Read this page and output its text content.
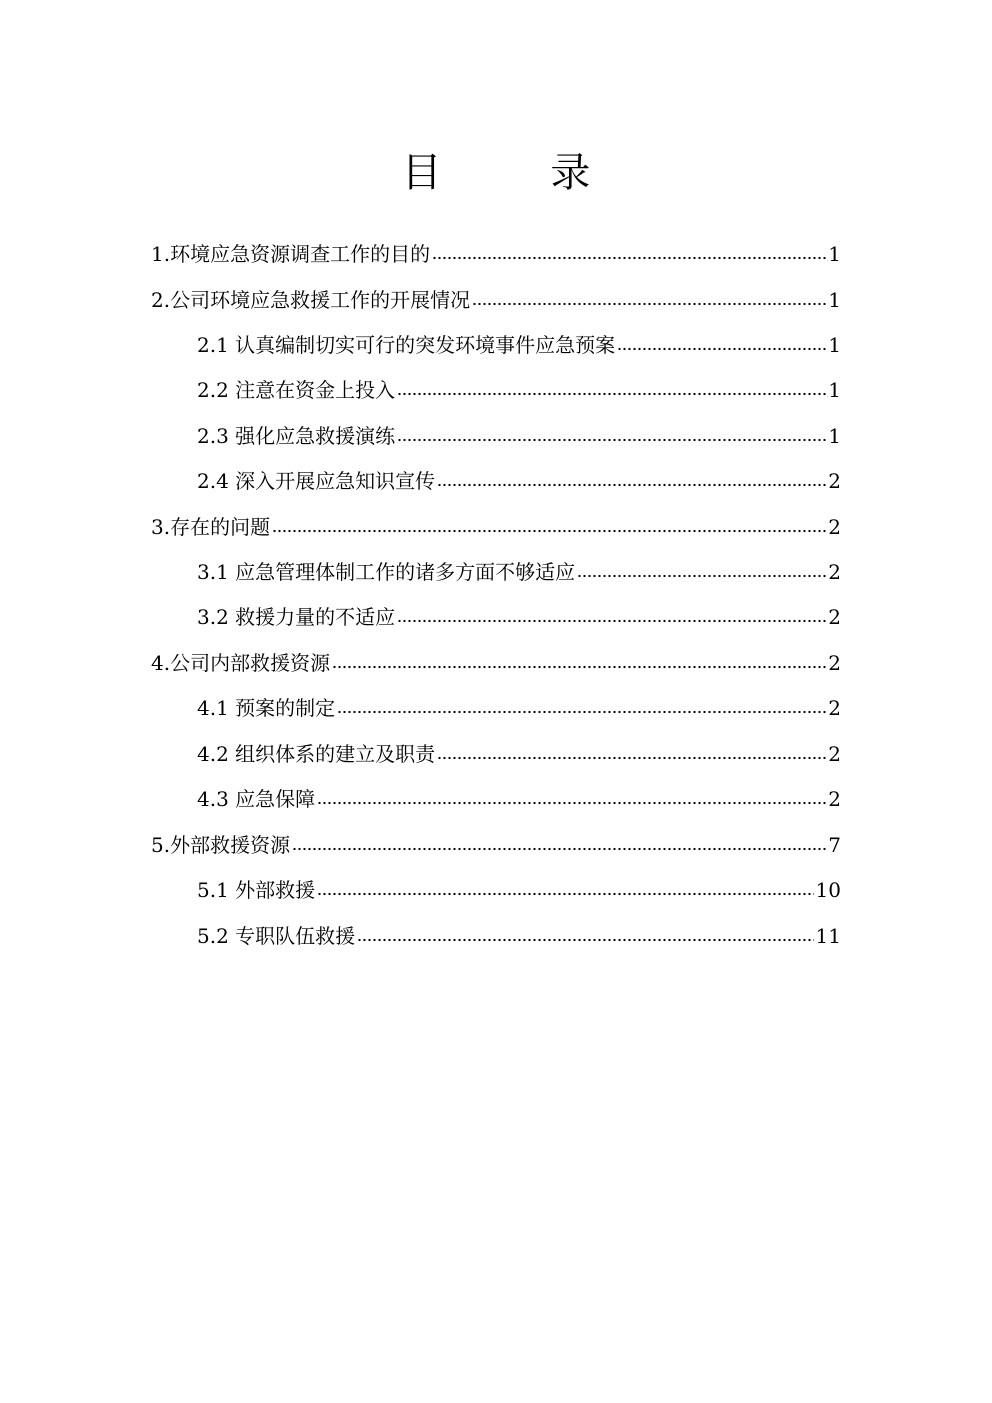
目 录
1.环境应急资源调查工作的目的	1
2.公司环境应急救援工作的开展情况	1
2.1 认真编制切实可行的突发环境事件应急预案	1
2.2 注意在资金上投入	1
2.3 强化应急救援演练	1
2.4 深入开展应急知识宣传	2
3.存在的问题	2
3.1 应急管理体制工作的诸多方面不够适应	2
3.2 救援力量的不适应	2
4.公司内部救援资源	2
4.1 预案的制定	2
4.2 组织体系的建立及职责	2
4.3 应急保障	2
5.外部救援资源	7
5.1 外部救援	10
5.2 专职队伍救援	11
